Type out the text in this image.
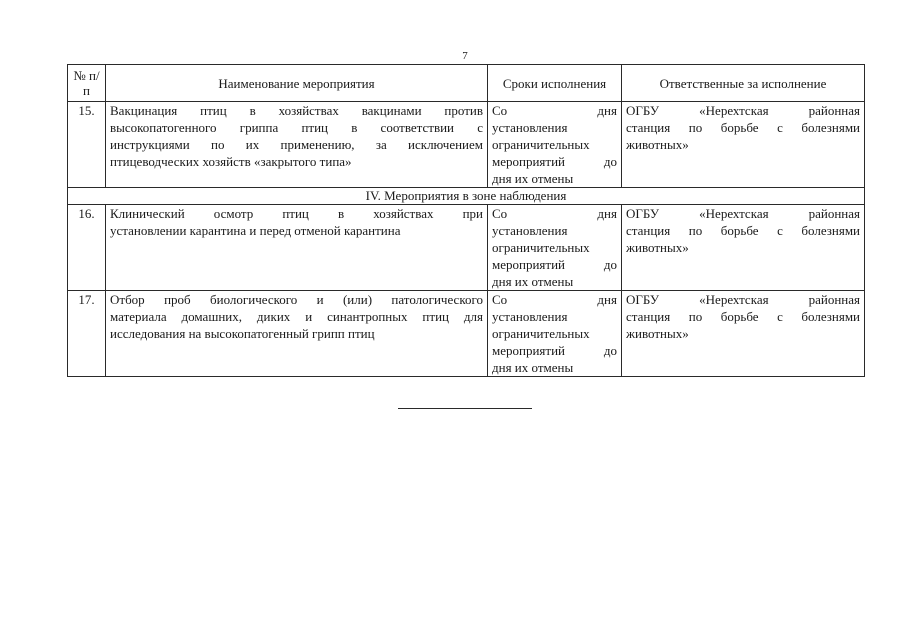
7
№ п/п	Наименование мероприятия	Сроки исполнения	Ответственные за исполнение
15.	Вакцинация птиц в хозяйствах вакцинами против
высокопатогенного гриппа птиц в соответствии с
инструкциями по их применению, за исключением
птицеводческих хозяйств «закрытого типа»	Со дня
установления
ограничительных
мероприятий до
дня их отмены	ОГБУ «Нерехтская районная
станция по борьбе с болезнями
животных»

IV. Мероприятия в зоне наблюдения			
16.	Клинический осмотр птиц в хозяйствах при
установлении карантина и перед отменой карантина	Со дня
установления
ограничительных
мероприятий до
дня их отмены	ОГБУ «Нерехтская районная
станция по борьбе с болезнями
животных»

17.	Отбор проб биологического и (или) патологического
материала домашних, диких и синантропных птиц для
исследования на высокопатогенный грипп птиц	Со дня
установления
ограничительных
мероприятий до
дня их отмены	ОГБУ «Нерехтская районная
станция по борьбе с болезнями
животных»
